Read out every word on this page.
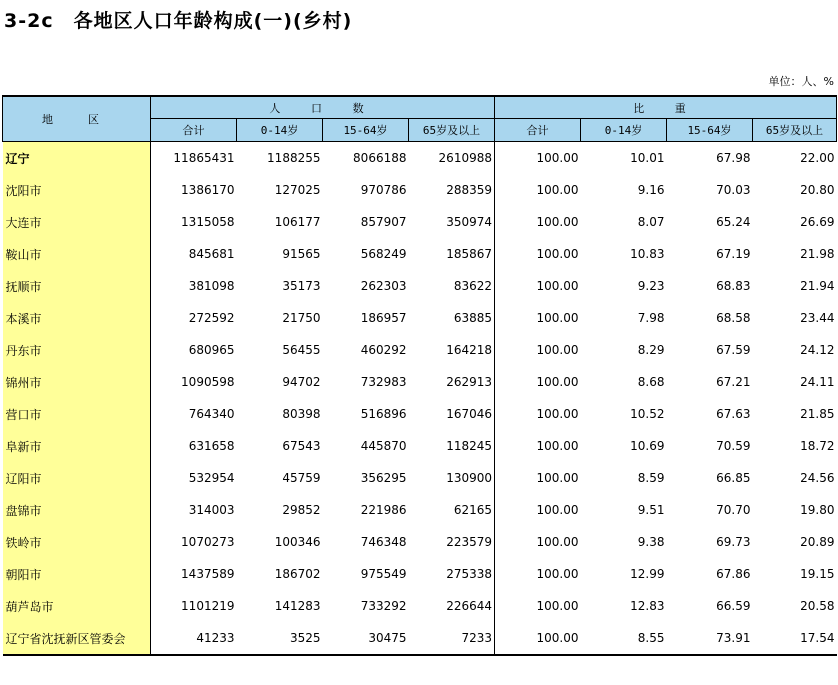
3-2c　各地区人口年龄构成(一)(乡村)
单位：人、%
地　区	人 口 数				比 重			
	合计	0-14岁	15-64岁	65岁及以上	合计	0-14岁	15-64岁	65岁及以上
辽宁	11865431	1188255	8066188	2610988	100.00	10.01	67.98	22.00
沈阳市	1386170	127025	970786	288359	100.00	9.16	70.03	20.80
大连市	1315058	106177	857907	350974	100.00	8.07	65.24	26.69
鞍山市	845681	91565	568249	185867	100.00	10.83	67.19	21.98
抚顺市	381098	35173	262303	83622	100.00	9.23	68.83	21.94
本溪市	272592	21750	186957	63885	100.00	7.98	68.58	23.44
丹东市	680965	56455	460292	164218	100.00	8.29	67.59	24.12
锦州市	1090598	94702	732983	262913	100.00	8.68	67.21	24.11
营口市	764340	80398	516896	167046	100.00	10.52	67.63	21.85
阜新市	631658	67543	445870	118245	100.00	10.69	70.59	18.72
辽阳市	532954	45759	356295	130900	100.00	8.59	66.85	24.56
盘锦市	314003	29852	221986	62165	100.00	9.51	70.70	19.80
铁岭市	1070273	100346	746348	223579	100.00	9.38	69.73	20.89
朝阳市	1437589	186702	975549	275338	100.00	12.99	67.86	19.15
葫芦岛市	1101219	141283	733292	226644	100.00	12.83	66.59	20.58
辽宁省沈抚新区管委会	41233	3525	30475	7233	100.00	8.55	73.91	17.54
